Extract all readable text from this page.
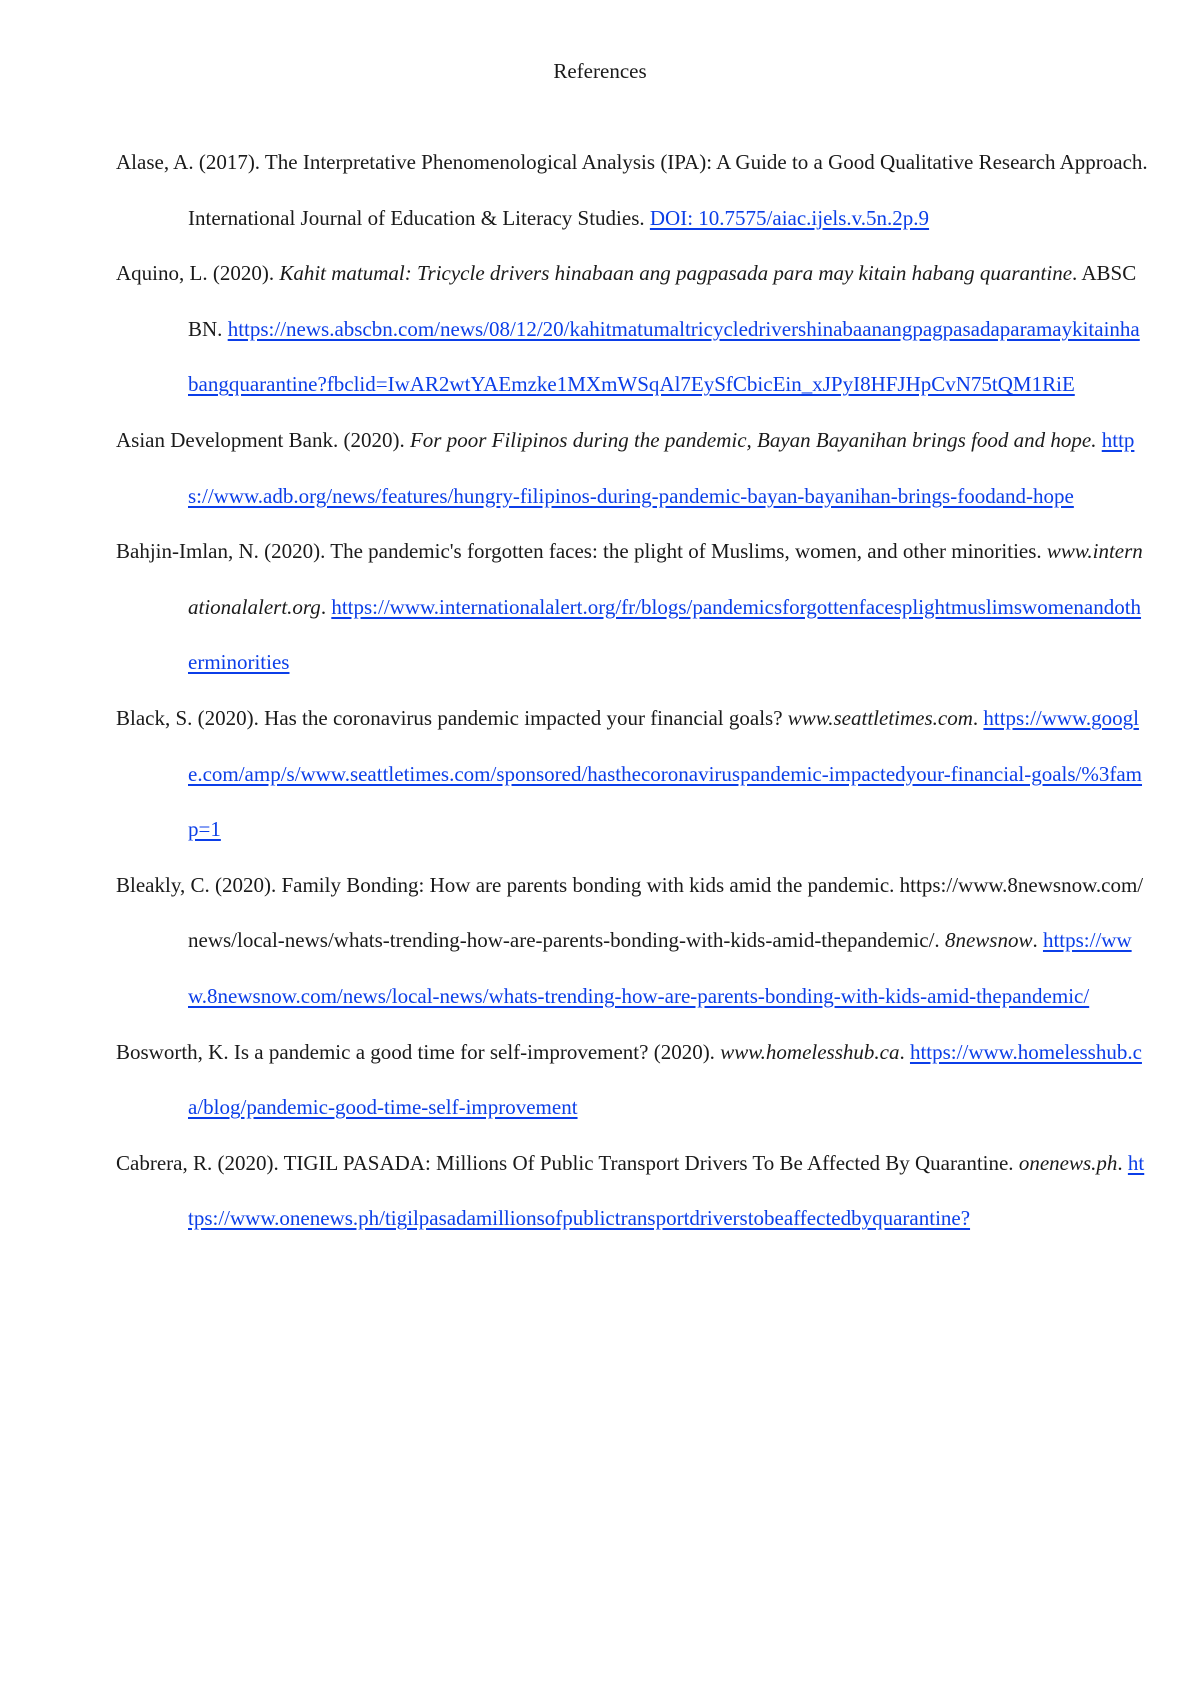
References
Alase, A. (2017). The Interpretative Phenomenological Analysis (IPA): A Guide to a Good Qualitative Research Approach. International Journal of Education & Literacy Studies. DOI: 10.7575/aiac.ijels.v.5n.2p.9
Aquino, L. (2020). Kahit matumal: Tricycle drivers hinabaan ang pagpasada para may kitain habang quarantine. ABSCBN. https://news.abscbn.com/news/08/12/20/kahitmatumaltricycledrivershinabaanangpagpasadaparamaykitainhabangquarantine?fbclid=IwAR2wtYAEmzke1MXmWSqAl7EySfCbicEin_xJPyI8HFJHpCvN75tQM1RiE
Asian Development Bank. (2020). For poor Filipinos during the pandemic, Bayan Bayanihan brings food and hope. https://www.adb.org/news/features/hungry-filipinos-during-pandemic-bayan-bayanihan-brings-foodand-hope
Bahjin-Imlan, N. (2020). The pandemic's forgotten faces: the plight of Muslims, women, and other minorities. www.internationalalert.org. https://www.internationalalert.org/fr/blogs/pandemicsforgottenfacesplightmuslimswomenandotherminorities
Black, S. (2020). Has the coronavirus pandemic impacted your financial goals? www.seattletimes.com. https://www.google.com/amp/s/www.seattletimes.com/sponsored/hasthecoronaviruspandemic-impactedyour-financial-goals/%3famp=1
Bleakly, C. (2020). Family Bonding: How are parents bonding with kids amid the pandemic. https://www.8newsnow.com/news/local-news/whats-trending-how-are-parents-bonding-with-kids-amid-thepandemic/. 8newsnow. https://www.8newsnow.com/news/local-news/whats-trending-how-are-parents-bonding-with-kids-amid-thepandemic/
Bosworth, K. Is a pandemic a good time for self-improvement? (2020). www.homelesshub.ca. https://www.homelesshub.ca/blog/pandemic-good-time-self-improvement
Cabrera, R. (2020). TIGIL PASADA: Millions Of Public Transport Drivers To Be Affected By Quarantine. onenews.ph. https://www.onenews.ph/tigilpasadamillionsofpublictransportdriverstobeaffectedbyquarantine?
